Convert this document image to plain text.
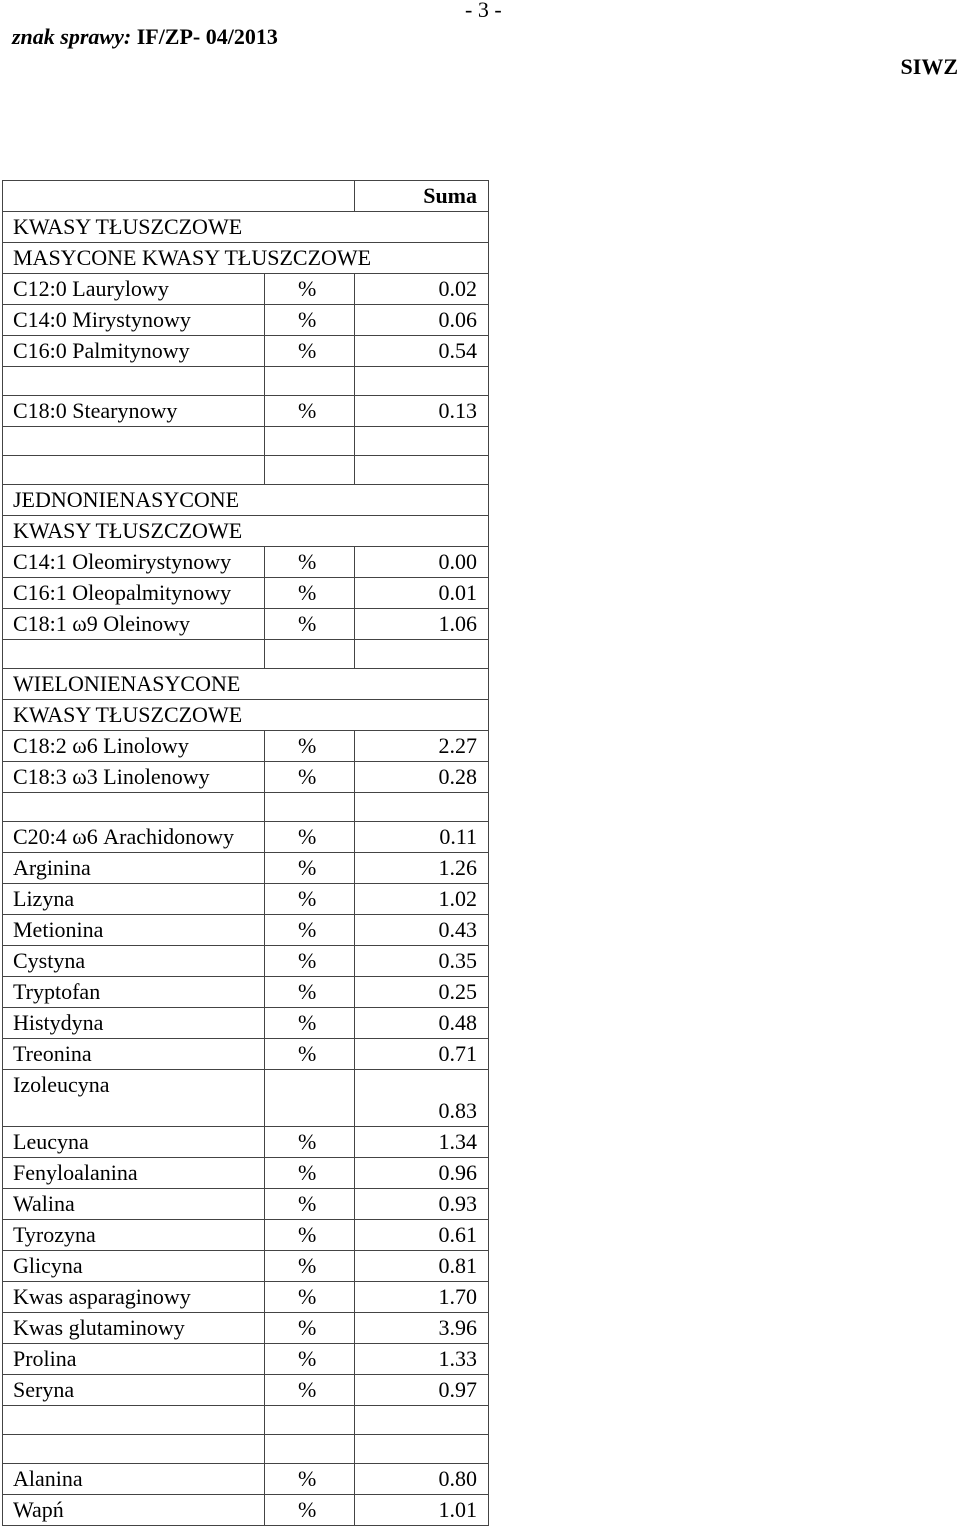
- 3 -
znak sprawy: IF/ZP- 04/2013
SIWZ
		Suma
KWASY TŁUSZCZOWE		
MASYCONE KWASY TŁUSZCZOWE		
C12:0 Laurylowy	%	0.02
C14:0 Mirystynowy	%	0.06
C16:0 Palmitynowy	%	0.54

C18:0 Stearynowy	%	0.13

JEDNONIENASYCONE		
KWASY TŁUSZCZOWE		
C14:1 Oleomirystynowy	%	0.00
C16:1 Oleopalmitynowy	%	0.01
C18:1 ω9 Oleinowy	%	1.06

WIELONIENASYCONE		
KWASY TŁUSZCZOWE		
C18:2 ω6 Linolowy	%	2.27
C18:3 ω3 Linolenowy	%	0.28

C20:4 ω6 Arachidonowy	%	0.11
Arginina	%	1.26
Lizyna	%	1.02
Metionina	%	0.43
Cystyna	%	0.35
Tryptofan	%	0.25
Histydyna	%	0.48
Treonina	%	0.71
Izoleucyna		0.83
Leucyna	%	1.34
Fenyloalanina	%	0.96
Walina	%	0.93
Tyrozyna	%	0.61
Glicyna	%	0.81
Kwas asparaginowy	%	1.70
Kwas glutaminowy	%	3.96
Prolina	%	1.33
Seryna	%	0.97

Alanina	%	0.80
Wapń	%	1.01
